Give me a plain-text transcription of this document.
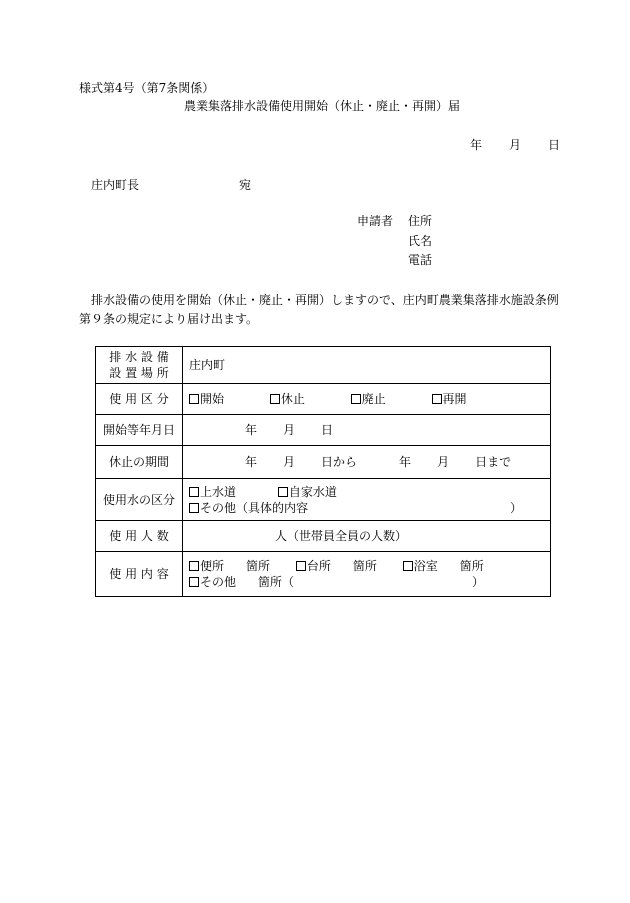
様式第4号（第7条関係）
農業集落排水設備使用開始（休止・廃止・再開）届
年 月 日
庄内町長	宛
申請者 住所
氏名
電話
排水設備の使用を開始（休止・廃止・再開）しますので、庄内町農業集落排水施設条例第９条の規定により届け出ます。
排 水 設 備
設 置 場 所	庄内町
使 用 区 分	開始 休止 廃止 再開
開始等年月日	年 月 日
休止の期間	年 月 日から 年 月 日まで
使用水の区分	上水道 自家水道
その他（具体的内容 ）

使 用 人 数	人（世帯員全員の人数）
使 用 内 容	便所 箇所 台所 箇所 浴室 箇所
その他 箇所（ ）
